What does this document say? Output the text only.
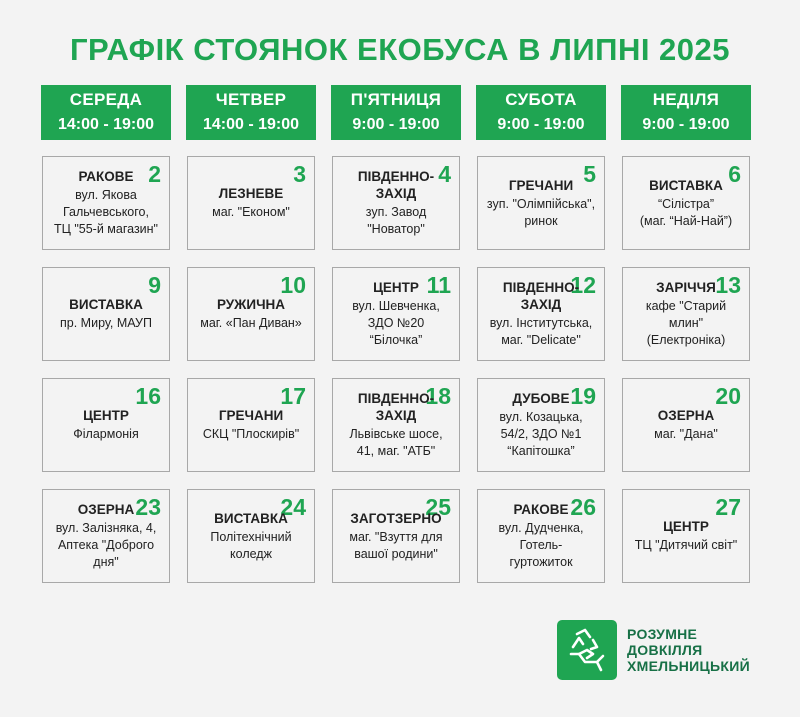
ГРАФІК СТОЯНОК ЕКОБУСА В ЛИПНІ 2025
СЕРЕДА
14:00 - 19:00
ЧЕТВЕР
14:00 - 19:00
П'ЯТНИЦЯ
9:00 - 19:00
СУБОТА
9:00 - 19:00
НЕДІЛЯ
9:00 - 19:00
2
РАКОВЕ
вул. Якова
Гальчевського,
ТЦ "55-й магазин"
3
ЛЕЗНЕВЕ
маг. "Економ"
4
ПІВДЕННО-
ЗАХІД
зуп. Завод
"Новатор"
5
ГРЕЧАНИ
зуп. "Олімпійська",
ринок
6
ВИСТАВКА
“Сілістра”
(маг. “Най-Най”)
9
ВИСТАВКА
пр. Миру, МАУП
10
РУЖИЧНА
маг. «Пан Диван»
11
ЦЕНТР
вул. Шевченка,
ЗДО №20
“Білочка”
12
ПІВДЕННО-
ЗАХІД
вул. Інститутська,
маг. "Delicate"
13
ЗАРІЧЧЯ
кафе "Старий
млин"
(Електроніка)
16
ЦЕНТР
Філармонія
17
ГРЕЧАНИ
СКЦ "Плоскирів"
18
ПІВДЕННО-
ЗАХІД
Львівське шосе,
41, маг. "АТБ"
19
ДУБОВЕ
вул. Козацька,
54/2, ЗДО №1
“Капітошка”
20
ОЗЕРНА
маг. "Дана"
23
ОЗЕРНА
вул. Залізняка, 4,
Аптека "Доброго
дня"
24
ВИСТАВКА
Політехнічний
коледж
25
ЗАГОТЗЕРНО
маг. "Взуття для
вашої родини"
26
РАКОВЕ
вул. Дудченка,
Готель-
гуртожиток
27
ЦЕНТР
ТЦ "Дитячий світ"
РОЗУМНЕ
ДОВКІЛЛЯ
ХМЕЛЬНИЦЬКИЙ
